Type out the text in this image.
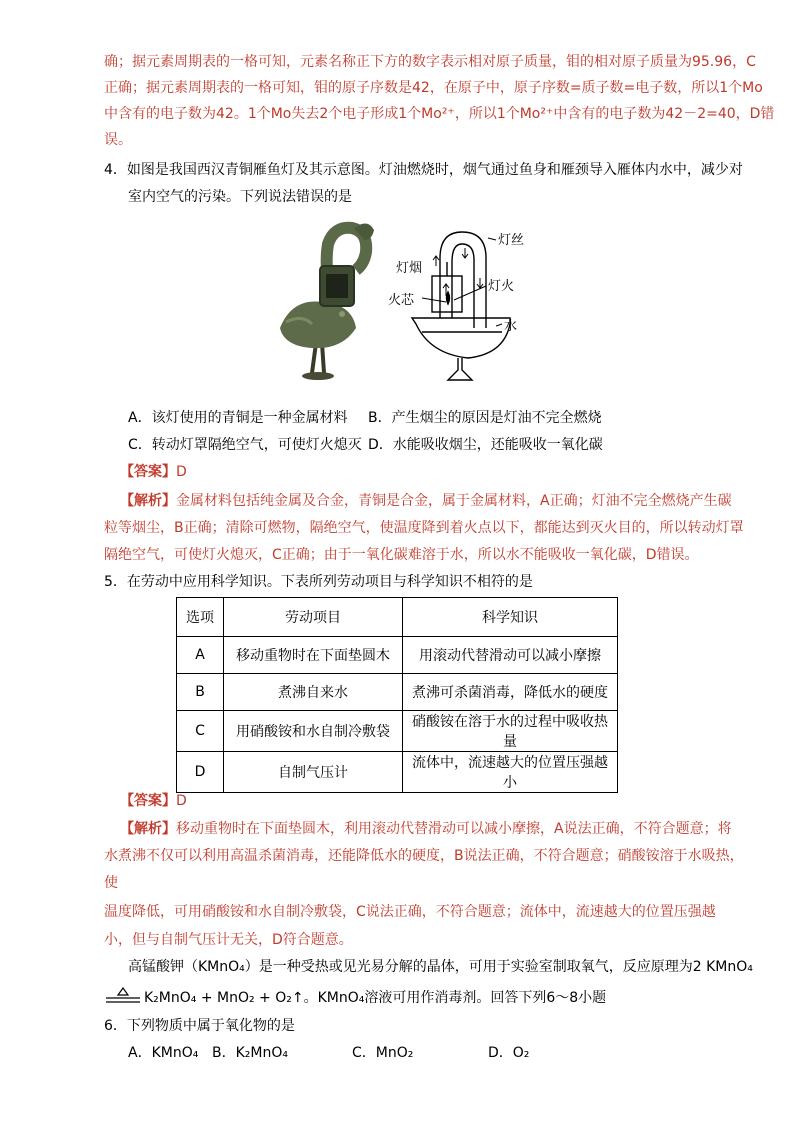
确；据元素周期表的一格可知，元素名称正下方的数字表示相对原子质量，钼的相对原子质量为95.96，C
正确；据元素周期表的一格可知，钼的原子序数是42，在原子中，原子序数=质子数=电子数，所以1个Mo
中含有的电子数为42。1个Mo失去2个电子形成1个Mo²⁺，所以1个Mo²⁺中含有的电子数为42－2=40，D错
误。
4．如图是我国西汉青铜雁鱼灯及其示意图。灯油燃烧时，烟气通过鱼身和雁颈导入雁体内水中，减少对
室内空气的污染。下列说法错误的是
灯丝
灯烟
灯火
火芯
水
A．该灯使用的青铜是一种金属材料 B．产生烟尘的原因是灯油不完全燃烧
C．转动灯罩隔绝空气，可使灯火熄灭 D．水能吸收烟尘，还能吸收一氧化碳
【答案】D
【解析】金属材料包括纯金属及合金，青铜是合金，属于金属材料，A正确；灯油不完全燃烧产生碳
粒等烟尘，B正确；清除可燃物，隔绝空气，使温度降到着火点以下，都能达到灭火目的，所以转动灯罩
隔绝空气，可使灯火熄灭，C正确；由于一氧化碳难溶于水，所以水不能吸收一氧化碳，D错误。
5．在劳动中应用科学知识。下表所列劳动项目与科学知识不相符的是
选项	劳动项目	科学知识
A	移动重物时在下面垫圆木	用滚动代替滑动可以减小摩擦
B	煮沸自来水	煮沸可杀菌消毒，降低水的硬度
C	用硝酸铵和水自制冷敷袋	硝酸铵在溶于水的过程中吸收热量
D	自制气压计	流体中，流速越大的位置压强越小
【答案】D
【解析】移动重物时在下面垫圆木，利用滚动代替滑动可以减小摩擦，A说法正确，不符合题意；将
水煮沸不仅可以利用高温杀菌消毒，还能降低水的硬度，B说法正确，不符合题意；硝酸铵溶于水吸热，
使
温度降低，可用硝酸铵和水自制冷敷袋，C说法正确，不符合题意；流体中，流速越大的位置压强越
小，但与自制气压计无关，D符合题意。
高锰酸钾（KMnO₄）是一种受热或见光易分解的晶体，可用于实验室制取氧气，反应原理为2 KMnO₄
K₂MnO₄ + MnO₂ + O₂↑。KMnO₄溶液可用作消毒剂。回答下列6～8小题
6．下列物质中属于氧化物的是
A．KMnO₄ B．K₂MnO₄	C．MnO₂	D．O₂
